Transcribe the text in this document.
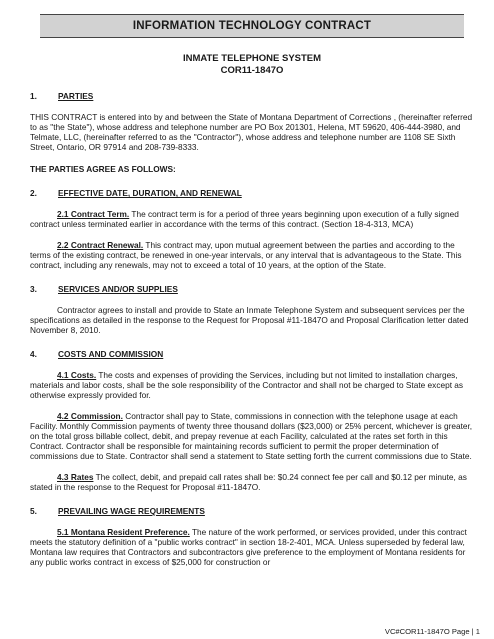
INFORMATION TECHNOLOGY CONTRACT
INMATE TELEPHONE SYSTEM
COR11-1847O
1.	PARTIES

THIS CONTRACT is entered into by and between the State of Montana Department of Corrections , (hereinafter referred to as "the State"), whose address and telephone number are PO Box 201301, Helena, MT 59620, 406-444-3980, and Telmate, LLC, (hereinafter referred to as the "Contractor"), whose address and telephone number are 1108 SE Sixth Street, Ontario, OR 97914 and 208-739-8333.

THE PARTIES AGREE AS FOLLOWS:

2.	EFFECTIVE DATE, DURATION, AND RENEWAL

2.1 Contract Term. The contract term is for a period of three years beginning upon execution of a fully signed contract unless terminated earlier in accordance with the terms of this contract. (Section 18-4-313, MCA)

2.2 Contract Renewal. This contract may, upon mutual agreement between the parties and according to the terms of the existing contract, be renewed in one-year intervals, or any interval that is advantageous to the State. This contract, including any renewals, may not to exceed a total of 10 years, at the option of the State.

3.	SERVICES AND/OR SUPPLIES

Contractor agrees to install and provide to State an Inmate Telephone System and subsequent services per the specifications as detailed in the response to the Request for Proposal #11-1847O and Proposal Clarification letter dated November 8, 2010.

4.	COSTS AND COMMISSION

4.1 Costs. The costs and expenses of providing the Services, including but not limited to installation charges, materials and labor costs, shall be the sole responsibility of the Contractor and shall not be charged to State except as otherwise expressly provided for.

4.2 Commission. Contractor shall pay to State, commissions in connection with the telephone usage at each Facility. Monthly Commission payments of twenty three thousand dollars ($23,000) or 25% percent, whichever is greater, on the total gross billable collect, debit, and prepay revenue at each Facility, calculated at the rates set forth in this Contract. Contractor shall be responsible for maintaining records sufficient to permit the proper determination of commissions due to State. Contractor shall send a statement to State setting forth the current commissions due to State.

4.3 Rates The collect, debit, and prepaid call rates shall be: $0.24 connect fee per call and $0.12 per minute, as stated in the response to the Request for Proposal #11-1847O.

5.	PREVAILING WAGE REQUIREMENTS

5.1 Montana Resident Preference. The nature of the work performed, or services provided, under this contract meets the statutory definition of a "public works contract" in section 18-2-401, MCA. Unless superseded by federal law, Montana law requires that Contractors and subcontractors give preference to the employment of Montana residents for any public works contract in excess of $25,000 for construction or

VC#COR11-1847O Page | 1
